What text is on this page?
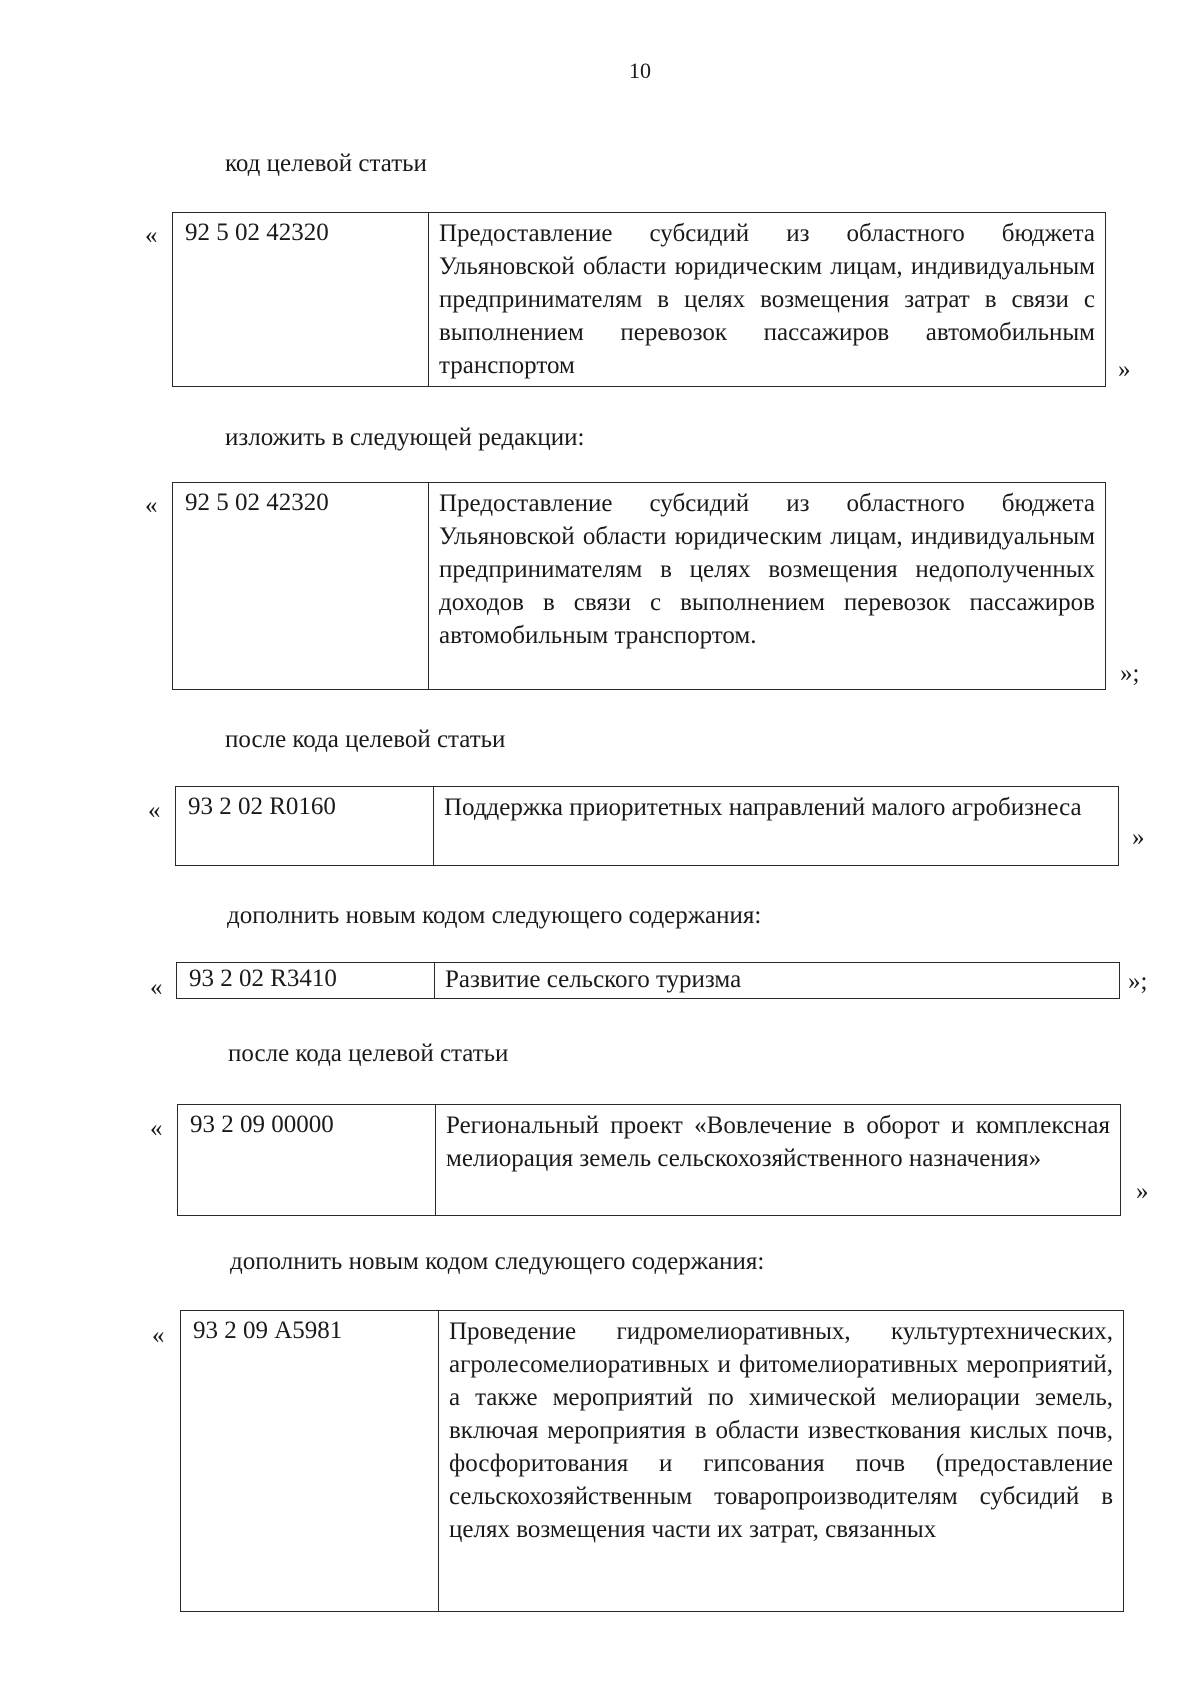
10
код целевой статьи
«	92 5 02 42320	Предоставление субсидий из областного бюджета Ульяновской области юридическим лицам, индивидуальным предпринимателям в целях возмещения затрат в связи с выполнением перевозок пассажиров автомобильным транспортом	»
изложить в следующей редакции:
«	92 5 02 42320	Предоставление субсидий из областного бюджета Ульяновской области юридическим лицам, индивидуальным предпринимателям в целях возмещения недополученных доходов в связи с выполнением перевозок пассажиров автомобильным транспортом.
»;
после кода целевой статьи
«	93 2 02 R0160	Поддержка приоритетных направлений малого агробизнеса
»
дополнить новым кодом следующего содержания:
«	93 2 02 R3410	Развитие сельского туризма	»;
после кода целевой статьи
«	93 2 09 00000	Региональный проект «Вовлечение в оборот и комплексная мелиорация земель сельскохозяйственного назначения»
»
дополнить новым кодом следующего содержания:
«	93 2 09 А5981	Проведение гидромелиоративных, культуртехнических, агролесомелиоративных и фитомелиоративных мероприятий, а также мероприятий по химической мелиорации земель, включая мероприятия в области известкования кислых почв, фосфоритования и гипсования почв (предоставление сельскохозяйственным товаропроизводителям субсидий в целях возмещения части их затрат, связанных
